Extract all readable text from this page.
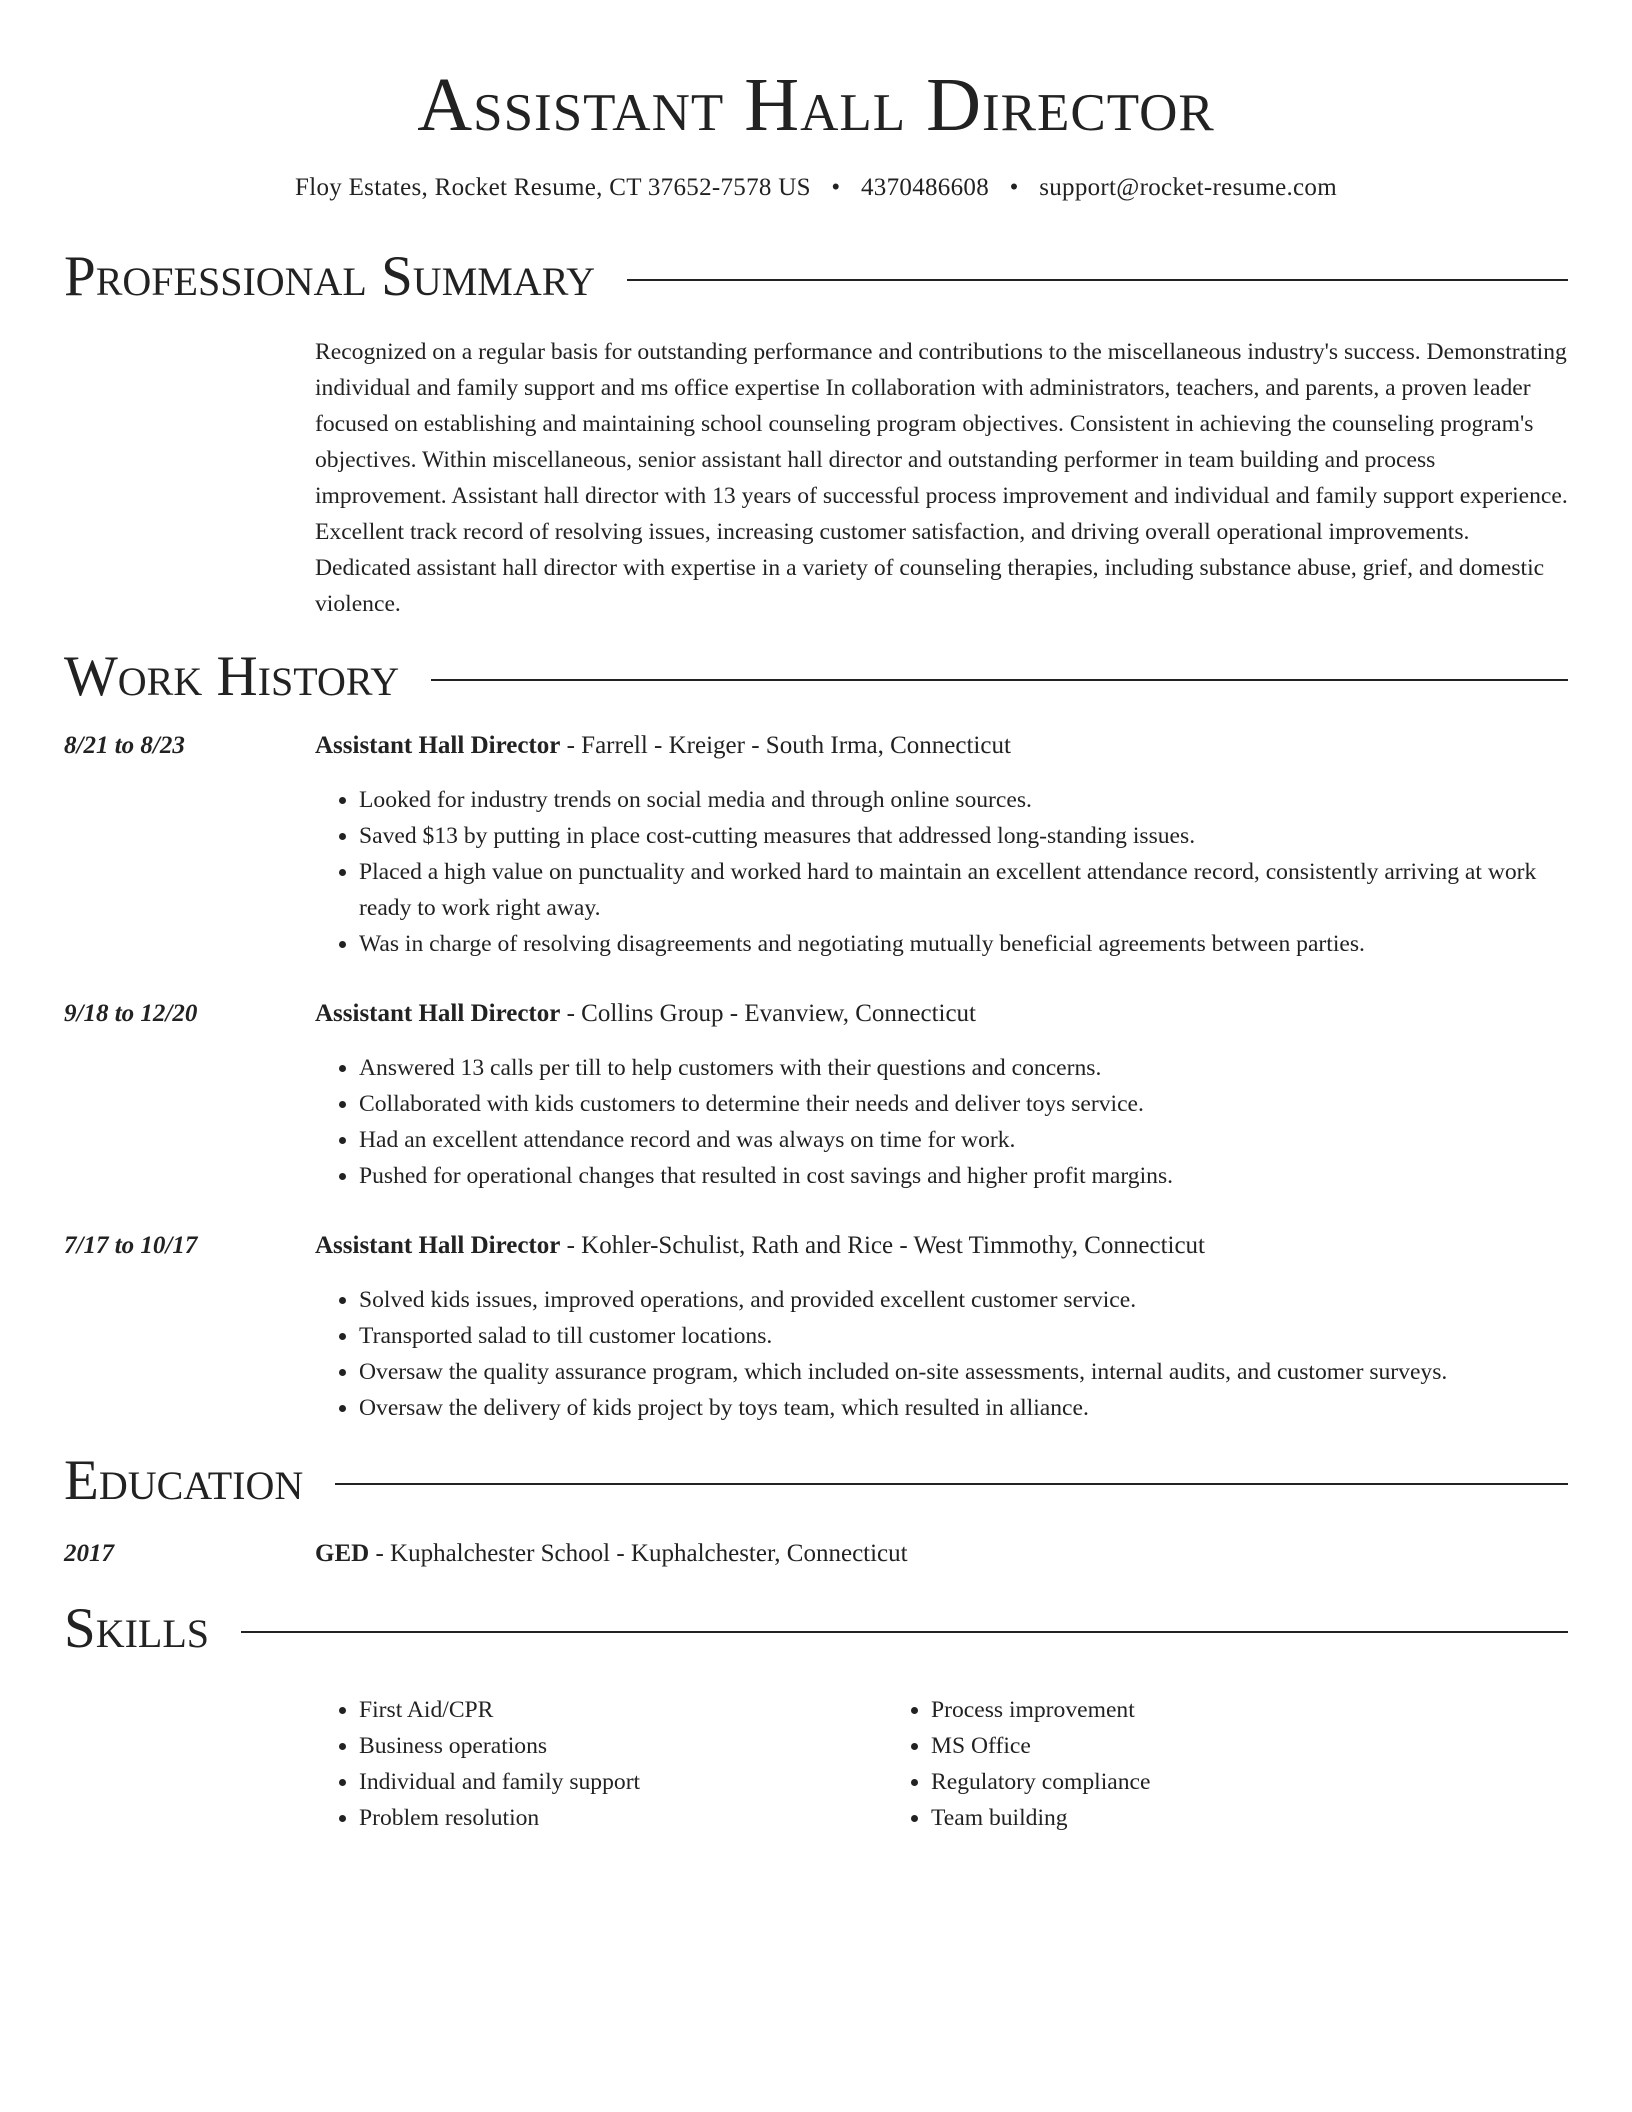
Assistant Hall Director
Floy Estates, Rocket Resume, CT 37652-7578 US • 4370486608 • support@rocket-resume.com
Professional Summary
Recognized on a regular basis for outstanding performance and contributions to the miscellaneous industry's success. Demonstrating individual and family support and ms office expertise In collaboration with administrators, teachers, and parents, a proven leader focused on establishing and maintaining school counseling program objectives. Consistent in achieving the counseling program's objectives. Within miscellaneous, senior assistant hall director and outstanding performer in team building and process improvement. Assistant hall director with 13 years of successful process improvement and individual and family support experience. Excellent track record of resolving issues, increasing customer satisfaction, and driving overall operational improvements. Dedicated assistant hall director with expertise in a variety of counseling therapies, including substance abuse, grief, and domestic violence.
Work History
8/21 to 8/23	Assistant Hall Director - Farrell - Kreiger - South Irma, Connecticut
• Looked for industry trends on social media and through online sources.
• Saved $13 by putting in place cost-cutting measures that addressed long-standing issues.
• Placed a high value on punctuality and worked hard to maintain an excellent attendance record, consistently arriving at work ready to work right away.
• Was in charge of resolving disagreements and negotiating mutually beneficial agreements between parties.
9/18 to 12/20	Assistant Hall Director - Collins Group - Evanview, Connecticut
• Answered 13 calls per till to help customers with their questions and concerns.
• Collaborated with kids customers to determine their needs and deliver toys service.
• Had an excellent attendance record and was always on time for work.
• Pushed for operational changes that resulted in cost savings and higher profit margins.
7/17 to 10/17	Assistant Hall Director - Kohler-Schulist, Rath and Rice - West Timmothy, Connecticut
• Solved kids issues, improved operations, and provided excellent customer service.
• Transported salad to till customer locations.
• Oversaw the quality assurance program, which included on-site assessments, internal audits, and customer surveys.
• Oversaw the delivery of kids project by toys team, which resulted in alliance.
Education
2017	GED - Kuphalchester School - Kuphalchester, Connecticut
Skills
• First Aid/CPR
• Business operations
• Individual and family support
• Problem resolution
• Process improvement
• MS Office
• Regulatory compliance
• Team building
